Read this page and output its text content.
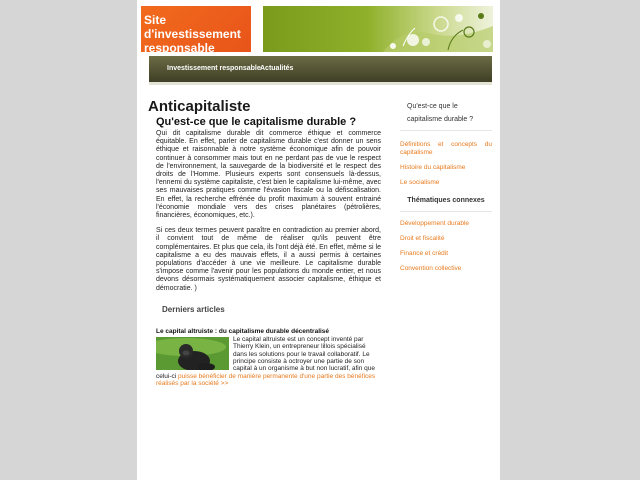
Site d'investissement responsable
Investissement responsable Actualités
Anticapitaliste
Qu'est-ce que le capitalisme durable ?

Qui dit capitalisme durable dit commerce éthique et commerce équitable. En effet, parler de capitalisme durable c'est donner un sens éthique et raisonnable à notre système économique afin de pouvoir continuer à consommer mais tout en ne perdant pas de vue le respect de l'environnement, la sauvegarde de la biodiversité et le respect des droits de l'Homme. Plusieurs experts sont consensuels là-dessus, l'ennemi du système capitaliste, c'est bien le capitalisme lui-même, avec ses mauvaises pratiques comme l'évasion fiscale ou la défiscalisation. En effet, la recherche effrénée du profit maximum à souvent entrainé l'économie mondiale vers des crises planétaires (pétrolières, financières, économiques, etc.).

Si ces deux termes peuvent paraître en contradiction au premier abord, il convient tout de même de réaliser qu'ils peuvent être complémentaires. Et plus que cela, ils l'ont déjà été. En effet, même si le capitalisme a eu des mauvais effets, il a aussi permis à certaines populations d'accéder à une vie meilleure. Le capitalisme durable s'impose comme l'avenir pour les populations du monde entier, et nous devons désormais systématiquement associer capitalisme, éthique et démocratie. )

Derniers articles
Le capital altruiste : du capitalisme durable décentralisé
Le capital altruiste est un concept inventé par Thierry Klein, un entrepreneur lillois spécialisé dans les solutions pour le travail collaboratif. Le principe consiste à octroyer une partie de son capital à un organisme à but non lucratif, afin que celui-ci puisse bénéficier de manière permanente d'une partie des bénéfices réalisés par la société >>
Qu'est-ce que le capitalisme durable ?
Définitions et concepts du capitalisme
Histoire du capitalisme
Le socialisme
Thématiques connexes
Développement durable
Droit et fiscalité
Finance et crédit
Convention collective
